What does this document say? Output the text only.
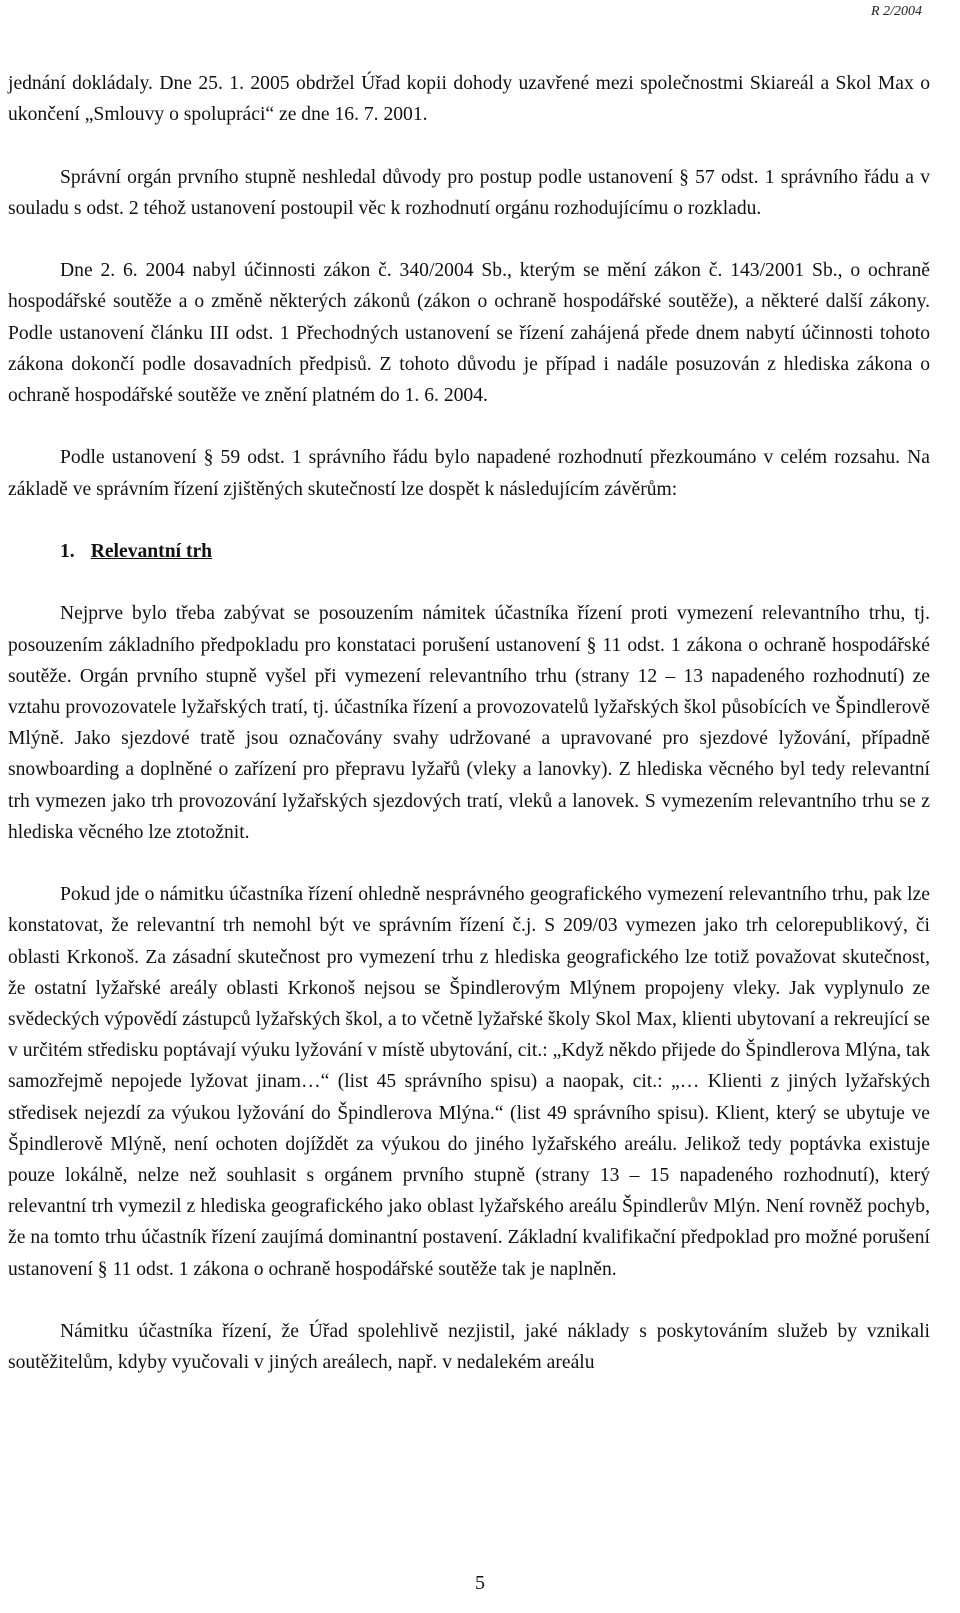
R 2/2004

jednání dokládaly. Dne 25. 1. 2005 obdržel Úřad kopii dohody uzavřené mezi společnostmi Skiareál a Skol Max o ukončení „Smlouvy o spolupráci“ ze dne 16. 7. 2001.

Správní orgán prvního stupně neshledal důvody pro postup podle ustanovení § 57 odst. 1 správního řádu a v souladu s odst. 2 téhož ustanovení postoupil věc k rozhodnutí orgánu rozhodujícímu o rozkladu.

Dne 2. 6. 2004 nabyl účinnosti zákon č. 340/2004 Sb., kterým se mění zákon č. 143/2001 Sb., o ochraně hospodářské soutěže a o změně některých zákonů (zákon o ochraně hospodářské soutěže), a některé další zákony. Podle ustanovení článku III odst. 1 Přechodných ustanovení se řízení zahájená přede dnem nabytí účinnosti tohoto zákona dokončí podle dosavadních předpisů. Z tohoto důvodu je případ i nadále posuzován z hlediska zákona o ochraně hospodářské soutěže ve znění platném do 1. 6. 2004.

Podle ustanovení § 59 odst. 1 správního řádu bylo napadené rozhodnutí přezkoumáno v celém rozsahu. Na základě ve správním řízení zjištěných skutečností lze dospět k následujícím závěrům:

1. Relevantní trh

Nejprve bylo třeba zabývat se posouzením námitek účastníka řízení proti vymezení relevantního trhu, tj. posouzením základního předpokladu pro konstataci porušení ustanovení § 11 odst. 1 zákona o ochraně hospodářské soutěže. Orgán prvního stupně vyšel při vymezení relevantního trhu (strany 12 – 13 napadeného rozhodnutí) ze vztahu provozovatele lyžařských tratí, tj. účastníka řízení a provozovatelů lyžařských škol působících ve Špindlerově Mlýně. Jako sjezdové tratě jsou označovány svahy udržované a upravované pro sjezdové lyžování, případně snowboarding a doplněné o zařízení pro přepravu lyžařů (vleky a lanovky). Z hlediska věcného byl tedy relevantní trh vymezen jako trh provozování lyžařských sjezdových tratí, vleků a lanovek. S vymezením relevantního trhu se z hlediska věcného lze ztotožnit.

Pokud jde o námitku účastníka řízení ohledně nesprávného geografického vymezení relevantního trhu, pak lze konstatovat, že relevantní trh nemohl být ve správním řízení č.j. S 209/03 vymezen jako trh celorepublikový, či oblasti Krkonoš. Za zásadní skutečnost pro vymezení trhu z hlediska geografického lze totiž považovat skutečnost, že ostatní lyžařské areály oblasti Krkonoš nejsou se Špindlerovým Mlýnem propojeny vleky. Jak vyplynulo ze svědeckých výpovědí zástupců lyžařských škol, a to včetně lyžařské školy Skol Max, klienti ubytovaní a rekreující se v určitém středisku poptávají výuku lyžování v místě ubytování, cit.: „Když někdo přijede do Špindlerova Mlýna, tak samozřejmě nepojede lyžovat jinam…“ (list 45 správního spisu) a naopak, cit.: „… Klienti z jiných lyžařských středisek nejezdí za výukou lyžování do Špindlerova Mlýna.“ (list 49 správního spisu). Klient, který se ubytuje ve Špindlerově Mlýně, není ochoten dojíždět za výukou do jiného lyžařského areálu. Jelikož tedy poptávka existuje pouze lokálně, nelze než souhlasit s orgánem prvního stupně (strany 13 – 15 napadeného rozhodnutí), který relevantní trh vymezil z hlediska geografického jako oblast lyžařského areálu Špindlerův Mlýn. Není rovněž pochyb, že na tomto trhu účastník řízení zaujímá dominantní postavení. Základní kvalifikační předpoklad pro možné porušení ustanovení § 11 odst. 1 zákona o ochraně hospodářské soutěže tak je naplněn.

Námitku účastníka řízení, že Úřad spolehlivě nezjistil, jaké náklady s poskytováním služeb by vznikali soutěžitelům, kdyby vyučovali v jiných areálech, např. v nedalekém areálu

5
